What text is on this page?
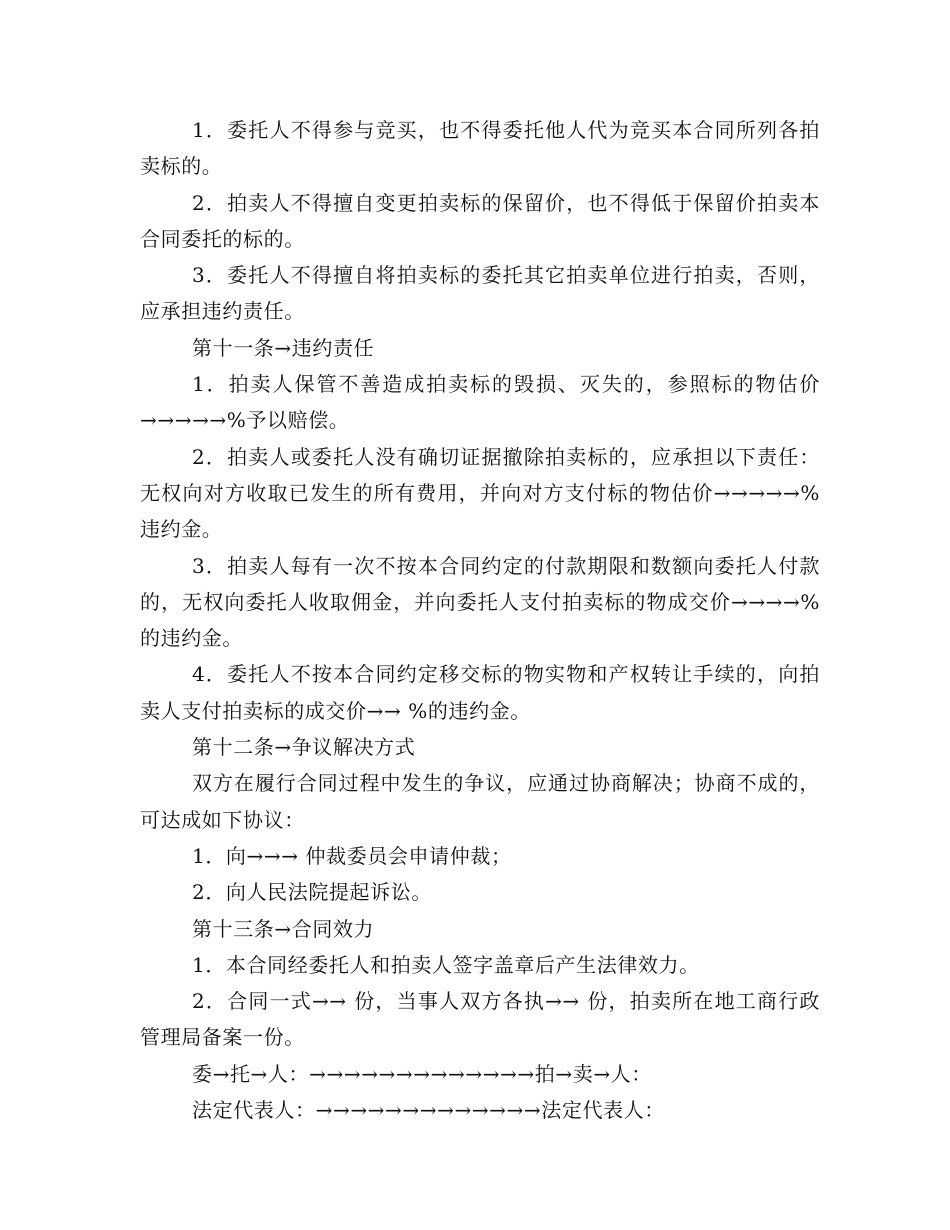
1．委托人不得参与竞买，也不得委托他人代为竞买本合同所列各拍卖标的。

2．拍卖人不得擅自变更拍卖标的保留价，也不得低于保留价拍卖本合同委托的标的。

3．委托人不得擅自将拍卖标的委托其它拍卖单位进行拍卖，否则，应承担违约责任。

第十一条→违约责任

1．拍卖人保管不善造成拍卖标的毁损、灭失的，参照标的物估价→→→→→%予以赔偿。

2．拍卖人或委托人没有确切证据撤除拍卖标的，应承担以下责任：无权向对方收取已发生的所有费用，并向对方支付标的物估价→→→→→%违约金。

3．拍卖人每有一次不按本合同约定的付款期限和数额向委托人付款的，无权向委托人收取佣金，并向委托人支付拍卖标的物成交价→→→→%的违约金。

4．委托人不按本合同约定移交标的物实物和产权转让手续的，向拍卖人支付拍卖标的成交价→→ %的违约金。

第十二条→争议解决方式

双方在履行合同过程中发生的争议，应通过协商解决；协商不成的，可达成如下协议：

1．向→→→ 仲裁委员会申请仲裁；

2．向人民法院提起诉讼。

第十三条→合同效力

1．本合同经委托人和拍卖人签字盖章后产生法律效力。

2．合同一式→→ 份，当事人双方各执→→ 份，拍卖所在地工商行政管理局备案一份。

委→托→人：→→→→→→→→→→→→→拍→卖→人：

法定代表人：→→→→→→→→→→→→→法定代表人：
